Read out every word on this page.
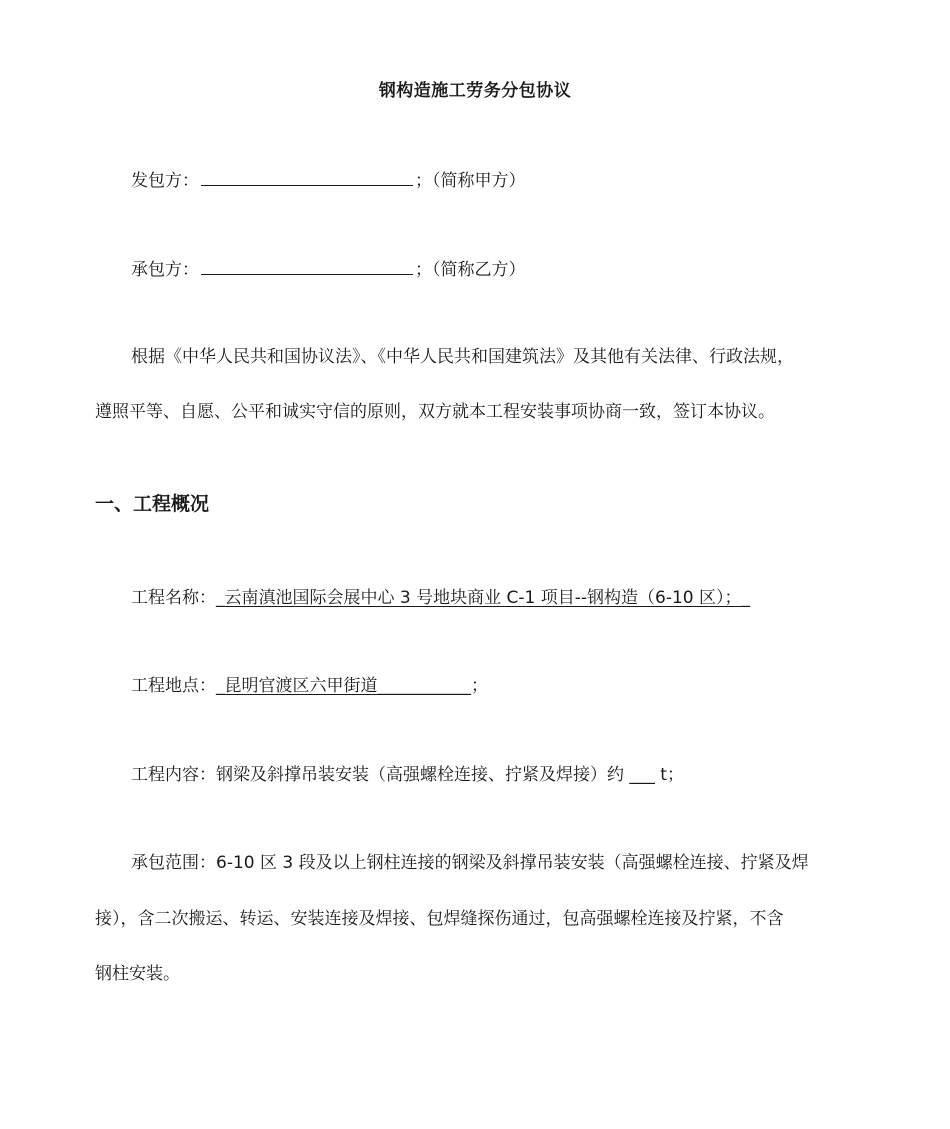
钢构造施工劳务分包协议
发包方：	；（简称甲方）
承包方：	；（简称乙方）
根据《中华人民共和国协议法》、《中华人民共和国建筑法》及其他有关法律、行政法规，
遵照平等、自愿、公平和诚实守信的原则，双方就本工程安装事项协商一致，签订本协议。
一、工程概况
工程名称：_云南滇池国际会展中心 3 号地块商业 C-1 项目--钢构造（6-10 区）；_
工程地点：_昆明官渡区六甲街道___________；
工程内容：钢梁及斜撑吊装安装（高强螺栓连接、拧紧及焊接）约 ___ t；
承包范围：6-10 区 3 段及以上钢柱连接的钢梁及斜撑吊装安装（高强螺栓连接、拧紧及焊
接），含二次搬运、转运、安装连接及焊接、包焊缝探伤通过，包高强螺栓连接及拧紧，不含
钢柱安装。
